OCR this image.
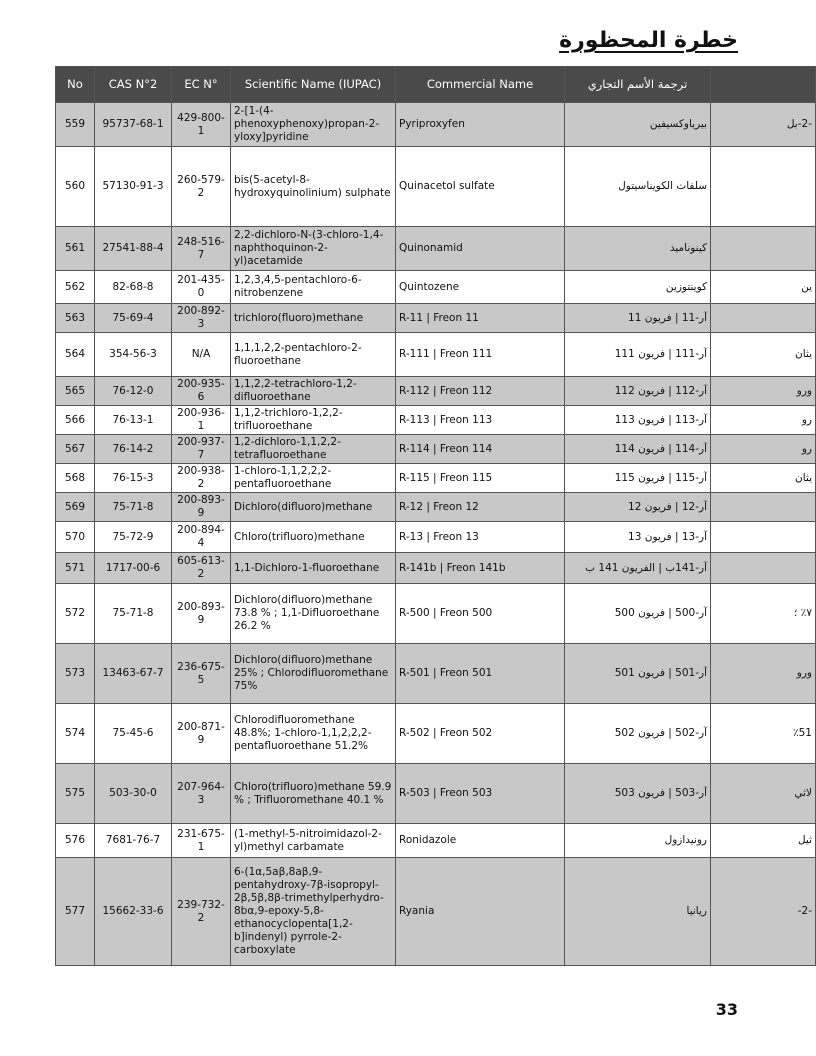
خطرة المحظورة
No	CAS N°2	EC N°	Scientific Name (IUPAC)	Commercial Name	ترجمة الأسم التجاري	
559	95737-68-1	429-800-1	2-[1-(4-phenoxyphenoxy)propan-2-yloxy]pyridine	Pyriproxyfen	بيرياوكسيفين	-2-بل
560	57130-91-3	260-579-2	bis(5-acetyl-8-hydroxyquinolinium) sulphate	Quinacetol sulfate	سلفات الكويناسيتول	
561	27541-88-4	248-516-7	2,2-dichloro-N-(3-chloro-1,4-naphthoquinon-2-yl)acetamide	Quinonamid	كينوناميد	
562	82-68-8	201-435-0	1,2,3,4,5-pentachloro-6-nitrobenzene	Quintozene	كوينتوزين	ين
563	75-69-4	200-892-3	trichloro(fluoro)methane	R-11 | Freon 11	آر-11 | فريون 11	
564	354-56-3	N/A	1,1,1,2,2-pentachloro-2-fluoroethane	R-111 | Freon 111	آر-111 | فريون 111	يثان
565	76-12-0	200-935-6	1,1,2,2-tetrachloro-1,2-difluoroethane	R-112 | Freon 112	آر-112 | فريون 112	ورو
566	76-13-1	200-936-1	1,1,2-trichloro-1,2,2-trifluoroethane	R-113 | Freon 113	آر-113 | فريون 113	رو
567	76-14-2	200-937-7	1,2-dichloro-1,1,2,2-tetrafluoroethane	R-114 | Freon 114	آر-114 | فريون 114	رو
568	76-15-3	200-938-2	1-chloro-1,1,2,2,2-pentafluoroethane	R-115 | Freon 115	آر-115 | فريون 115	يثان
569	75-71-8	200-893-9	Dichloro(difluoro)methane	R-12 | Freon 12	آر-12 | فريون 12	
570	75-72-9	200-894-4	Chloro(trifluoro)methane	R-13 | Freon 13	آر-13 | فريون 13	
571	1717-00-6	605-613-2	1,1-Dichloro-1-fluoroethane	R-141b | Freon 141b	آر-141ب | الفريون 141 ب	
572	75-71-8	200-893-9	Dichloro(difluoro)methane 73.8 % ; 1,1-Difluoroethane 26.2 %	R-500 | Freon 500	آر-500 | فريون 500	٧٪ ؛
573	13463-67-7	236-675-5	Dichloro(difluoro)methane 25% ; Chlorodifluoromethane 75%	R-501 | Freon 501	آر-501 | فريون 501	ورو
574	75-45-6	200-871-9	Chlorodifluoromethane 48.8%; 1-chloro-1,1,2,2,2-pentafluoroethane 51.2%	R-502 | Freon 502	آر-502 | فريون 502	٪51
575	503-30-0	207-964-3	Chloro(trifluoro)methane 59.9 % ; Trifluoromethane 40.1 %	R-503 | Freon 503	آر-503 | فريون 503	لاثي
576	7681-76-7	231-675-1	(1-methyl-5-nitroimidazol-2-yl)methyl carbamate	Ronidazole	رونيدازول	ثيل
577	15662-33-6	239-732-2	6-(1α,5aβ,8aβ,9-pentahydroxy-7β-isopropyl-2β,5β,8β-trimethylperhydro-8bα,9-epoxy-5,8-ethanocyclopenta[1,2-b]indenyl) pyrrole-2-carboxylate	Ryania	ريانيا	-2-
33
